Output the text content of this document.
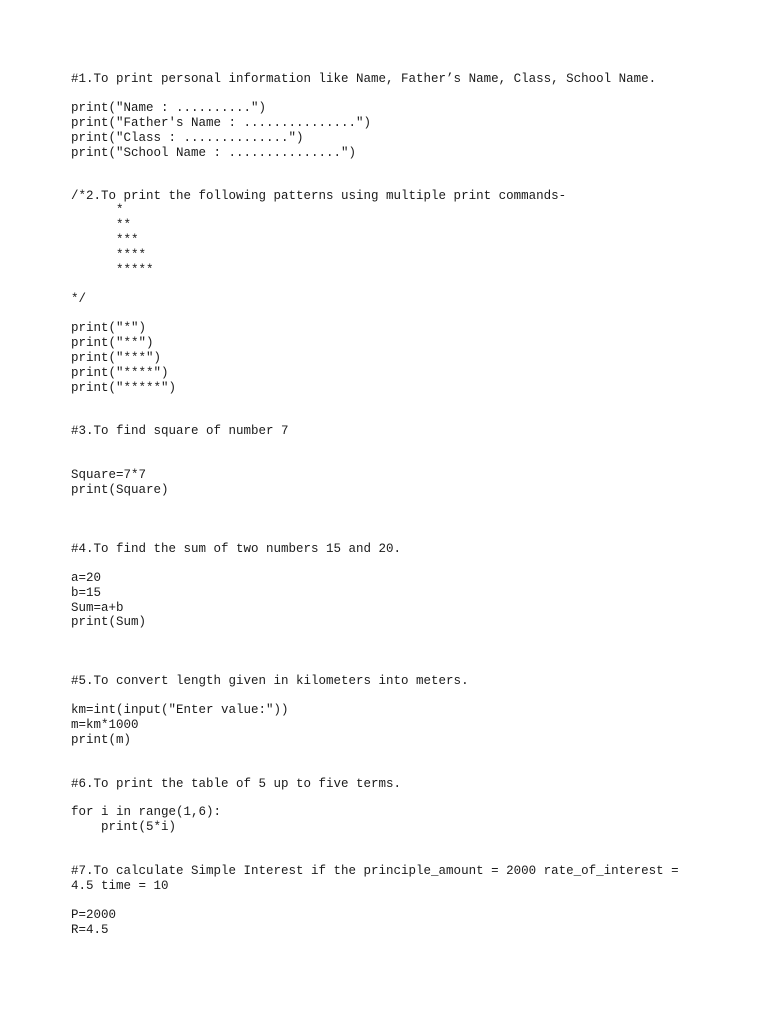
#1.To print personal information like Name, Father’s Name, Class, School Name.

print("Name : ..........")

print("Father's Name : ...............")

print("Class : ..............")

print("School Name : ...............")

/*2.To print the following patterns using multiple print commands-

*

**

***

****

*****

*/

print("*")

print("**")

print("***")

print("****")

print("*****")

#3.To find square of number 7

Square=7*7

print(Square)

#4.To find the sum of two numbers 15 and 20.

a=20

b=15

Sum=a+b

print(Sum)

#5.To convert length given in kilometers into meters.

km=int(input("Enter value:"))

m=km*1000

print(m)

#6.To print the table of 5 up to five terms.

for i in range(1,6):

print(5*i)

#7.To calculate Simple Interest if the principle_amount = 2000 rate_of_interest =

4.5 time = 10

P=2000

R=4.5
